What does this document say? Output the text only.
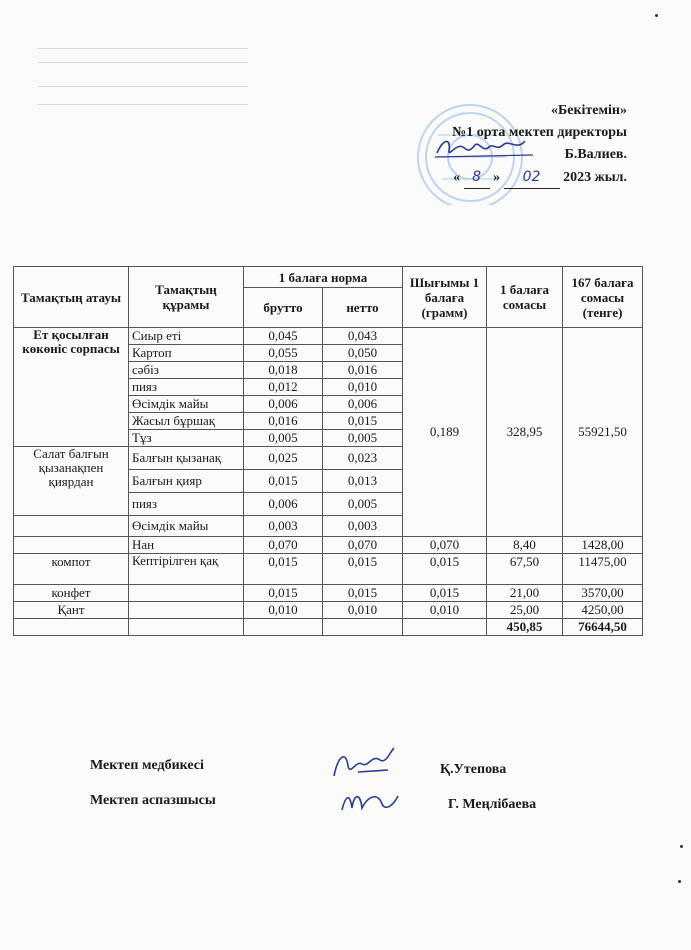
«Бекітемін»
№1 орта мектеп директоры
Б.Валиев.
« 8 » 02 2023 жыл.
Тамақтың атауы	Тамақтың құрамы	1 балаға норма		Шығымы 1 балаға (грамм)	1 балаға сомасы	167 балаға сомасы (тенге)
		брутто	нетто			
Ет қосылған көкөніс сорпасы	Сиыр еті	0,045	0,043	0,189	328,95	55921,50
	Картоп	0,055	0,050			
	сәбіз	0,018	0,016			
	пияз	0,012	0,010			
	Өсімдік майы	0,006	0,006			
	Жасыл бұршақ	0,016	0,015			
	Тұз	0,005	0,005			
Салат балғын қызанақпен қиярдан	Балғын қызанақ	0,025	0,023			
	Балғын қияр	0,015	0,013			
	пияз	0,006	0,005			
	Өсімдік майы	0,003	0,003			
	Нан	0,070	0,070	0,070	8,40	1428,00
компот	Кептірілген қақ	0,015	0,015	0,015	67,50	11475,00
конфет		0,015	0,015	0,015	21,00	3570,00
Қант		0,010	0,010	0,010	25,00	4250,00
					450,85	76644,50
Мектеп медбикесі	Қ.Утепова
Мектеп аспазшысы	Г. Меңлібаева
